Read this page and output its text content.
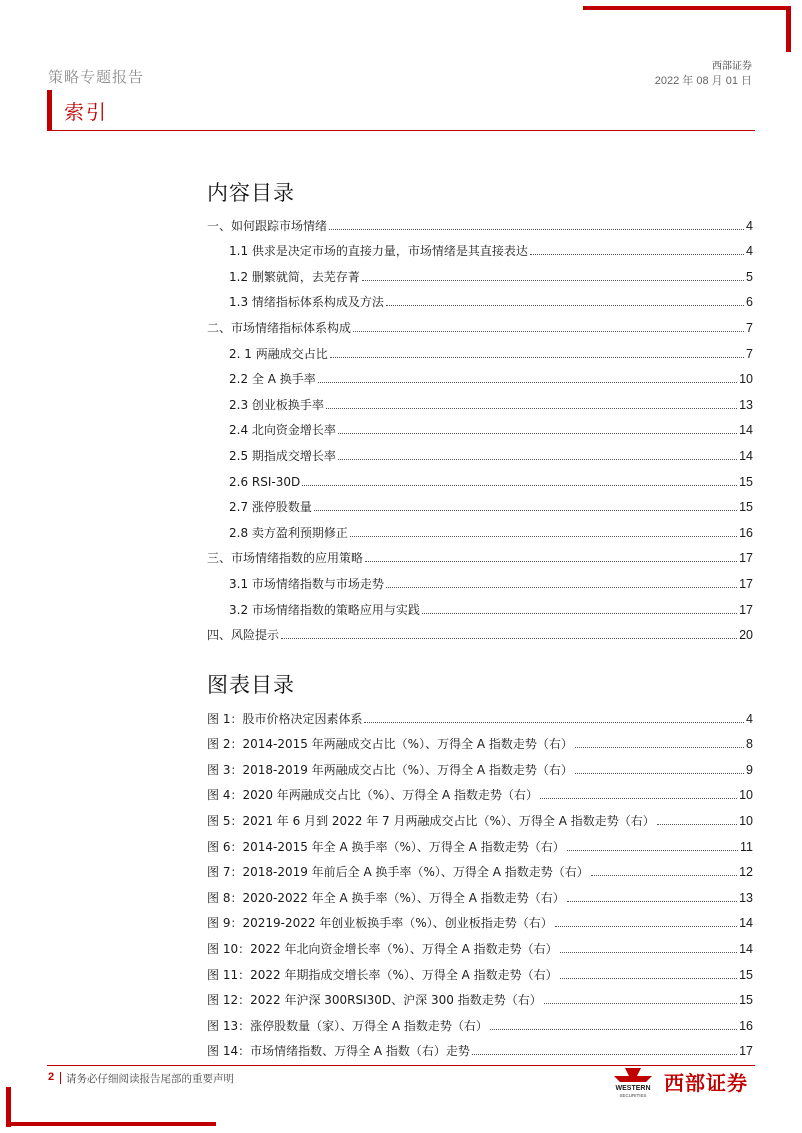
策略专题报告
西部证券
2022 年 08 月 01 日
索引
内容目录
一、如何跟踪市场情绪	4
1.1 供求是决定市场的直接力量，市场情绪是其直接表达	4
1.2 删繁就简，去芜存菁	5
1.3 情绪指标体系构成及方法	6
二、市场情绪指标体系构成	7
2. 1 两融成交占比	7
2.2 全 A 换手率	10
2.3 创业板换手率	13
2.4 北向资金增长率	14
2.5 期指成交增长率	14
2.6 RSI-30D	15
2.7 涨停股数量	15
2.8 卖方盈利预期修正	16
三、市场情绪指数的应用策略	17
3.1 市场情绪指数与市场走势	17
3.2 市场情绪指数的策略应用与实践	17
四、风险提示	20
图表目录
图 1：股市价格决定因素体系	4
图 2：2014-2015 年两融成交占比（%）、万得全 A 指数走势（右）	8
图 3：2018-2019 年两融成交占比（%）、万得全 A 指数走势（右）	9
图 4：2020 年两融成交占比（%）、万得全 A 指数走势（右）	10
图 5：2021 年 6 月到 2022 年 7 月两融成交占比（%）、万得全 A 指数走势（右）	10
图 6：2014-2015 年全 A 换手率（%）、万得全 A 指数走势（右）	11
图 7：2018-2019 年前后全 A 换手率（%）、万得全 A 指数走势（右）	12
图 8：2020-2022 年全 A 换手率（%）、万得全 A 指数走势（右）	13
图 9：20219-2022 年创业板换手率（%）、创业板指走势（右）	14
图 10：2022 年北向资金增长率（%）、万得全 A 指数走势（右）	14
图 11：2022 年期指成交增长率（%）、万得全 A 指数走势（右）	15
图 12：2022 年沪深 300RSI30D、沪深 300 指数走势（右）	15
图 13：涨停股数量（家）、万得全 A 指数走势（右）	16
图 14：市场情绪指数、万得全 A 指数（右）走势	17
2 请务必仔细阅读报告尾部的重要声明
WESTERN
SECURITIES
西部证券
